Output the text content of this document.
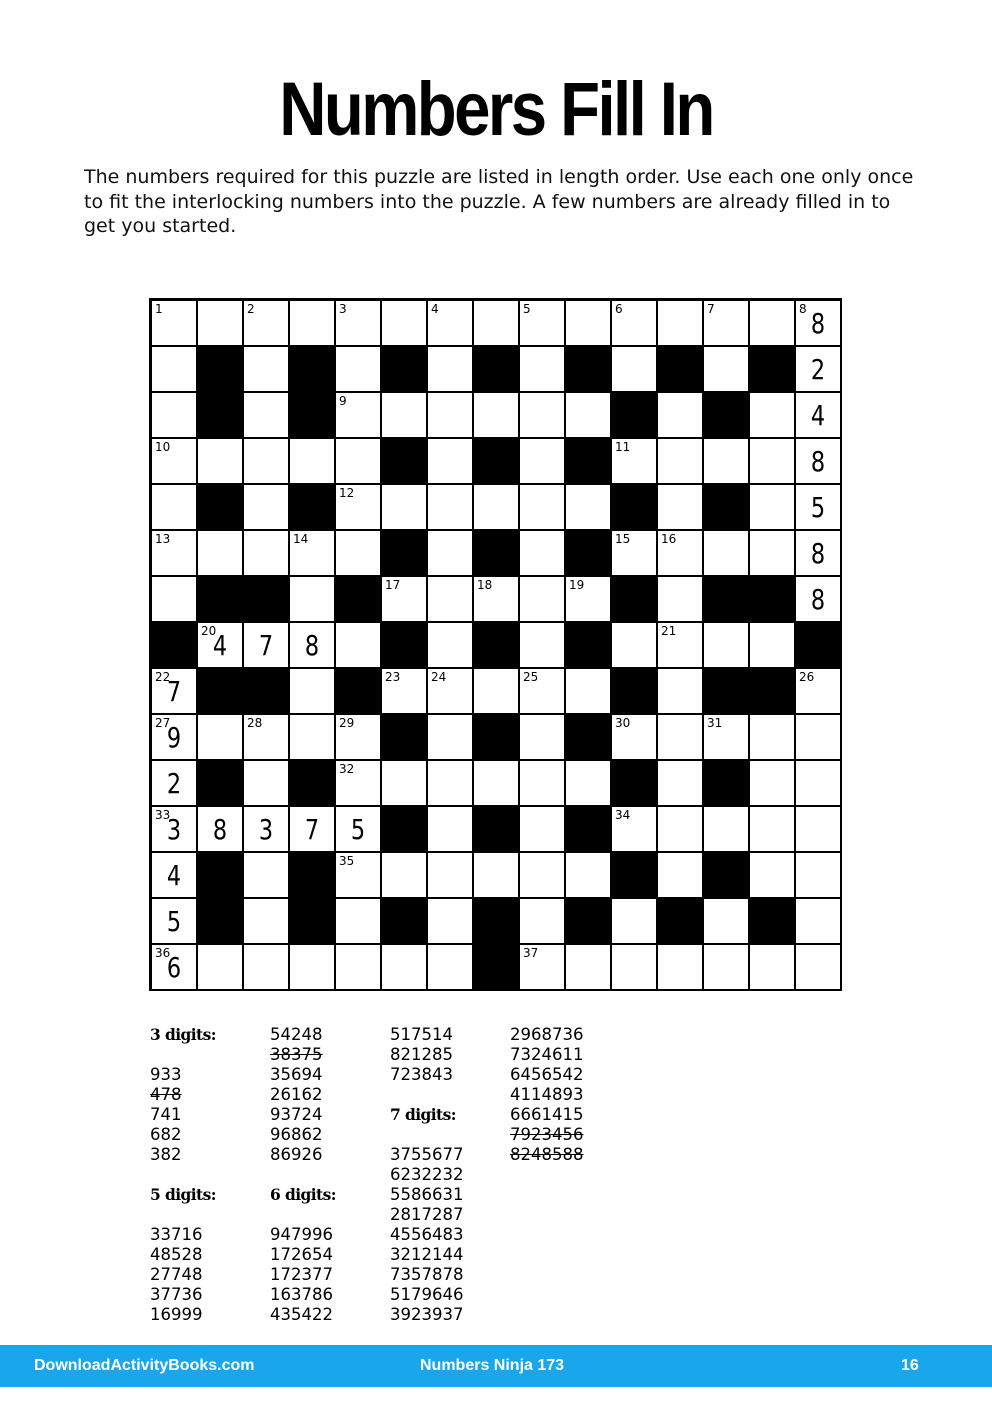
Numbers Fill In
The numbers required for this puzzle are listed in length order. Use each one only once to fit the interlocking numbers into the puzzle. A few numbers are already filled in to get you started.
1	2	3	4	5	6	7	8 8
2
9	4
10	11	8
12	5
13	14	15	16	8
17	18	19	8
20
4	7	8	21
22
7	23	24	25	26
27
9	28	29	30	31
2	32
33
3	8	3	7	5	34
4	35
5
36
6	37
3 digits:
933
478
741
682
382
5 digits:
33716
48528
27748
37736
16999
54248
38375
35694
26162
93724
96862
86926
6 digits:
947996
172654
172377
163786
435422
517514
821285
723843
7 digits:
3755677
6232232
5586631
2817287
4556483
3212144
7357878
5179646
3923937
2968736
7324611
6456542
4114893
6661415
7923456
8248588
DownloadActivityBooks.com	Numbers Ninja 173	16
